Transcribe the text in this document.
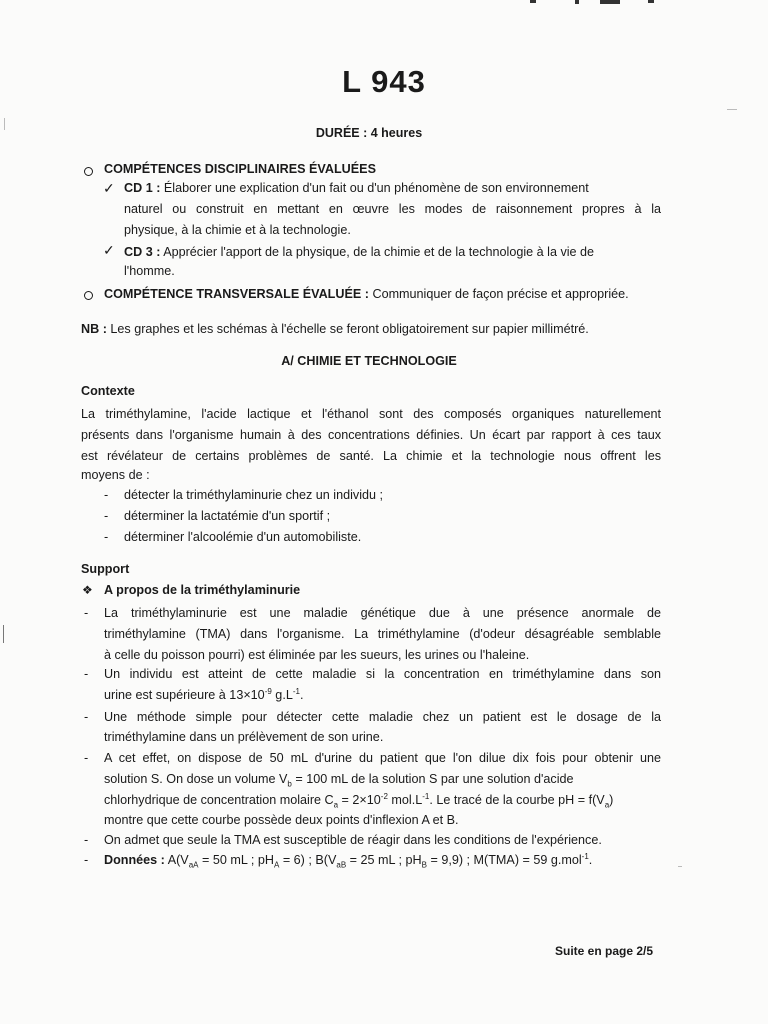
L 943
DURÉE : 4 heures
COMPÉTENCES DISCIPLINAIRES ÉVALUÉES
✓ CD 1 : Élaborer une explication d'un fait ou d'un phénomène de son environnement
naturel ou construit en mettant en œuvre les modes de raisonnement propres à la
physique, à la chimie et à la technologie.
✓ CD 3 : Apprécier l'apport de la physique, de la chimie et de la technologie à la vie de
l'homme.
COMPÉTENCE TRANSVERSALE ÉVALUÉE : Communiquer de façon précise et appropriée.
NB : Les graphes et les schémas à l'échelle se feront obligatoirement sur papier millimétré.
A/ CHIMIE ET TECHNOLOGIE
Contexte
La triméthylamine, l'acide lactique et l'éthanol sont des composés organiques naturellement
présents dans l'organisme humain à des concentrations définies. Un écart par rapport à ces taux
est révélateur de certains problèmes de santé. La chimie et la technologie nous offrent les
moyens de :
- détecter la triméthylaminurie chez un individu ;
- déterminer la lactatémie d'un sportif ;
- déterminer l'alcoolémie d'un automobiliste.
Support
❖ A propos de la triméthylaminurie
- La triméthylaminurie est une maladie génétique due à une présence anormale de
triméthylamine (TMA) dans l'organisme. La triméthylamine (d'odeur désagréable semblable
à celle du poisson pourri) est éliminée par les sueurs, les urines ou l'haleine.
- Un individu est atteint de cette maladie si la concentration en triméthylamine dans son
urine est supérieure à $13\times 10^{-9}$ $g.L^{-1}$.
- Une méthode simple pour détecter cette maladie chez un patient est le dosage de la
triméthylamine dans un prélèvement de son urine.
- A cet effet, on dispose de 50 mL d'urine du patient que l'on dilue dix fois pour obtenir une
solution S. On dose un volume $V_b = 100$ mL de la solution S par une solution d'acide
chlorhydrique de concentration molaire $C_a = 2\times 10^{-2}$ $mol.L^{-1}$. Le tracé de la courbe pH = $f(V_a)$
montre que cette courbe possède deux points d'inflexion A et B.
- On admet que seule la TMA est susceptible de réagir dans les conditions de l'expérience.
- Données : $A(V_{aA} = 50$ mL ; $pH_A = 6$) ; $B(V_{aB} = 25$ mL ; $pH_B = 9,9$) ; M(TMA) = 59 g.mol$^{-1}$.
Suite en page 2/5
